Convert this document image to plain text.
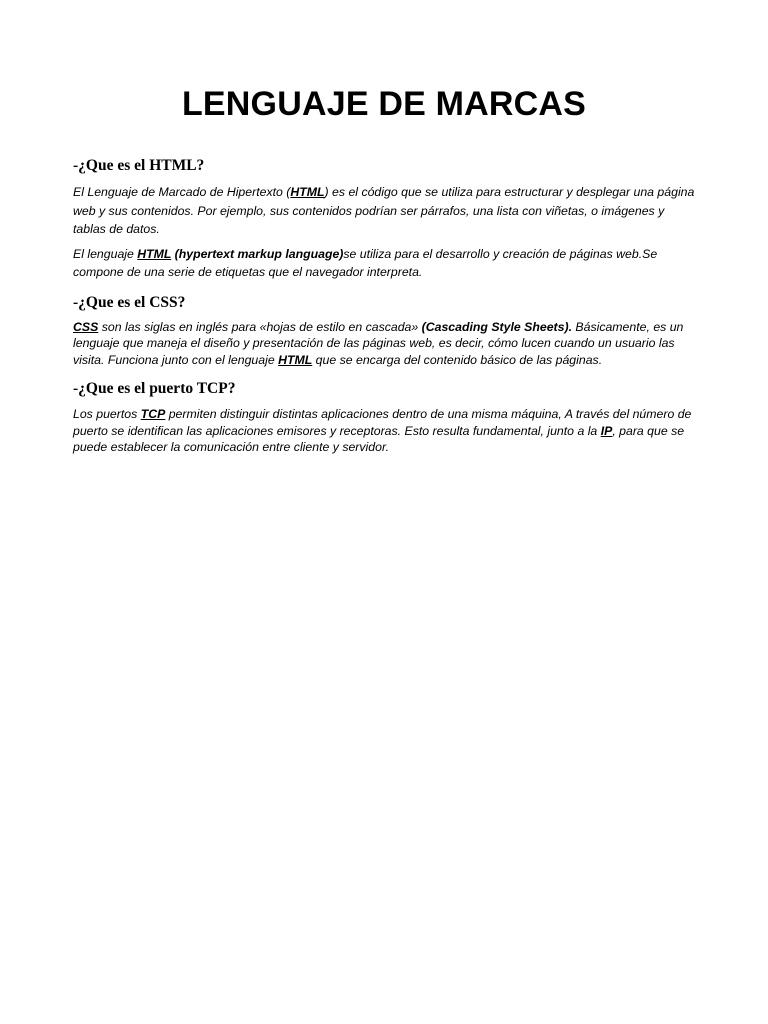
LENGUAJE DE MARCAS
-¿Que es el HTML?

El Lenguaje de Marcado de Hipertexto (HTML) es el código que se utiliza para estructurar y desplegar una página web y sus contenidos. Por ejemplo, sus contenidos podrían ser párrafos, una lista con viñetas, o imágenes y tablas de datos.

El lenguaje HTML (hypertext markup language)se utiliza para el desarrollo y creación de páginas web.Se compone de una serie de etiquetas que el navegador interpreta.

-¿Que es el CSS?

CSS son las siglas en inglés para «hojas de estilo en cascada» (Cascading Style Sheets). Básicamente, es un lenguaje que maneja el diseño y presentación de las páginas web, es decir, cómo lucen cuando un usuario las visita. Funciona junto con el lenguaje HTML que se encarga del contenido básico de las páginas.

-¿Que es el puerto TCP?

Los puertos TCP permiten distinguir distintas aplicaciones dentro de una misma máquina, A través del número de puerto se identifican las aplicaciones emisores y receptoras. Esto resulta fundamental, junto a la IP, para que se puede establecer la comunicación entre cliente y servidor.
